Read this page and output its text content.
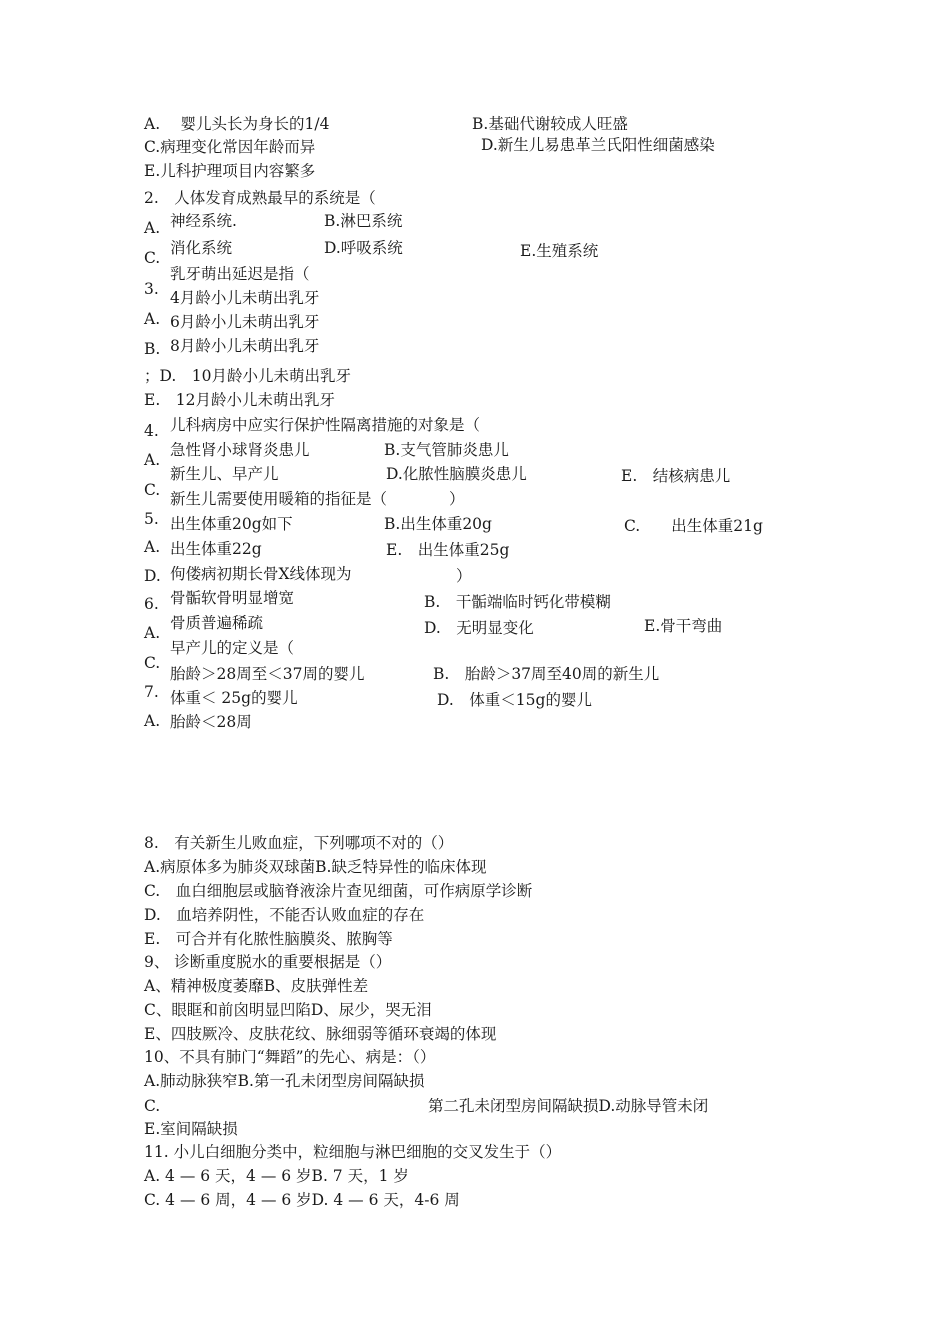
A.　 婴儿头长为身长的1/4	B.基础代谢较成人旺盛
C.病理变化常因年龄而异	D.新生儿易患革兰氏阳性细菌感染
E.儿科护理项目内容繁多
2.　人体发育成熟最早的系统是（
A. 神经系统.	B.淋巴系统
C.
消化系统	D.呼吸系统	E.生殖系统
3.
乳牙萌出延迟是指（
4月龄小儿未萌出乳牙
A. 6月龄小儿未萌出乳牙
B. 8月龄小儿未萌出乳牙
；D.　10月龄小儿未萌出乳牙
E.　12月龄小儿未萌出乳牙
4. 儿科病房中应实行保护性隔离措施的对象是（
A.
急性肾小球肾炎患儿	B.支气管肺炎患儿
C.
新生儿、早产儿	D.化脓性脑膜炎患儿	E.　结核病患儿
新生儿需要使用暖箱的指征是（　　　　）
5. 出生体重20g如下	B.出生体重20g	C.　　出生体重21g
A. 出生体重22g	E.　出生体重25g
D. 佝偻病初期长骨X线体现为	）
6. 骨骺软骨明显增宽	B.　干骺端临时钙化带模糊
A.
骨质普遍稀疏	D.　无明显变化	E.骨干弯曲
C.
早产儿的定义是（
胎龄＞28周至＜37周的婴儿	B.　胎龄＞37周至40周的新生儿
7. 体重＜ 25g的婴儿	D.　体重＜15g的婴儿
A. 胎龄＜28周
8.　有关新生儿败血症，下列哪项不对的（）
A.病原体多为肺炎双球菌B.缺乏特异性的临床体现
C.　血白细胞层或脑脊液涂片查见细菌，可作病原学诊断
D.　血培养阴性，不能否认败血症的存在
E.　可合并有化脓性脑膜炎、脓胸等
9、 诊断重度脱水的重要根据是（）
A、精神极度萎靡B、皮肤弹性差
C、眼眶和前囟明显凹陷D、尿少，哭无泪
E、四肢厥冷、皮肤花纹、脉细弱等循环衰竭的体现
10、不具有肺门“舞蹈”的先心、病是：（）
A.肺动脉狭窄B.第一孔未闭型房间隔缺损
C.	第二孔未闭型房间隔缺损D.动脉导管未闭
E.室间隔缺损
11. 小儿白细胞分类中，粒细胞与淋巴细胞的交叉发生于（）
A. 4 — 6 天，4 — 6 岁B. 7 天，1 岁
C. 4 — 6 周，4 — 6 岁D. 4 — 6 天，4-6 周
